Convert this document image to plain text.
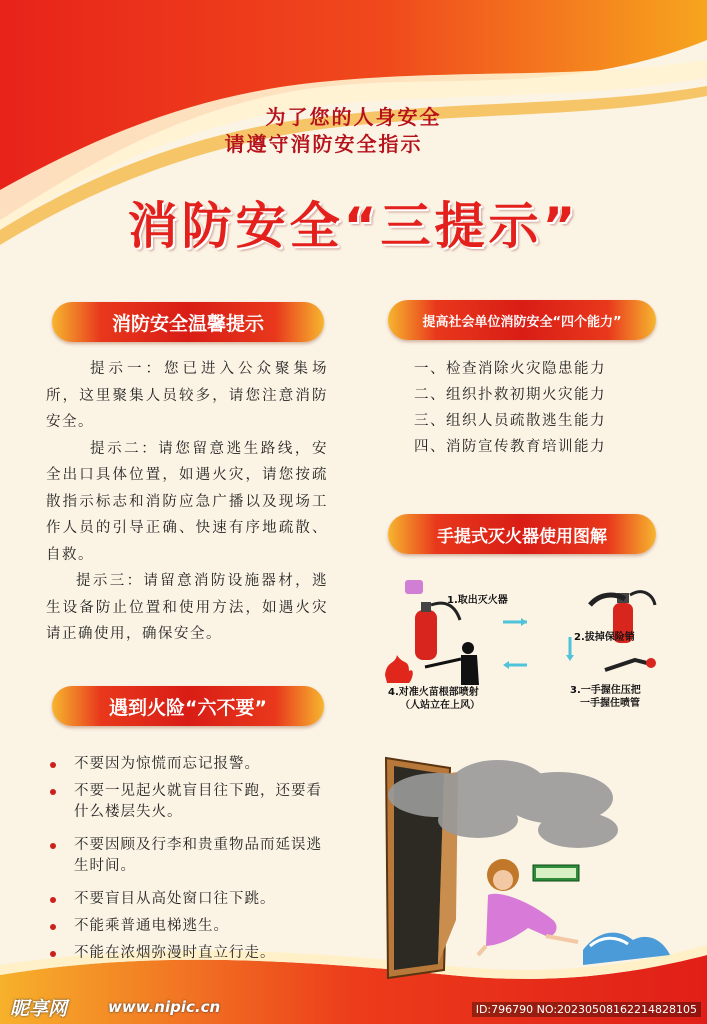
为了您的人身安全
请遵守消防安全指示
消防安全“三提示”
消防安全温馨提示
提示一：您已进入公众聚集场所，这里聚集人员较多，请您注意消防安全。
提示二：请您留意逃生路线，安全出口具体位置，如遇火灾，请您按疏散指示标志和消防应急广播以及现场工作人员的引导正确、快速有序地疏散、自救。
提示三：请留意消防设施器材，逃生设备防止位置和使用方法，如遇火灾请正确使用，确保安全。
提高社会单位消防安全“四个能力”
一、检查消除火灾隐患能力
二、组织扑救初期火灾能力
三、组织人员疏散逃生能力
四、消防宣传教育培训能力
手提式灭火器使用图解
1.取出灭火器
2.拔掉保险销
3.一手握住压把
一手握住喷管
4.对准火苗根部喷射
（人站立在上风）
遇到火险“六不要”
不要因为惊慌而忘记报警。
不要一见起火就盲目往下跑，还要看什么楼层失火。
不要因顾及行李和贵重物品而延误逃生时间。
不要盲目从高处窗口往下跳。
不能乘普通电梯逃生。
不能在浓烟弥漫时直立行走。
昵享网	www.nipic.cn	ID:796790 NO:20230508162214828105
